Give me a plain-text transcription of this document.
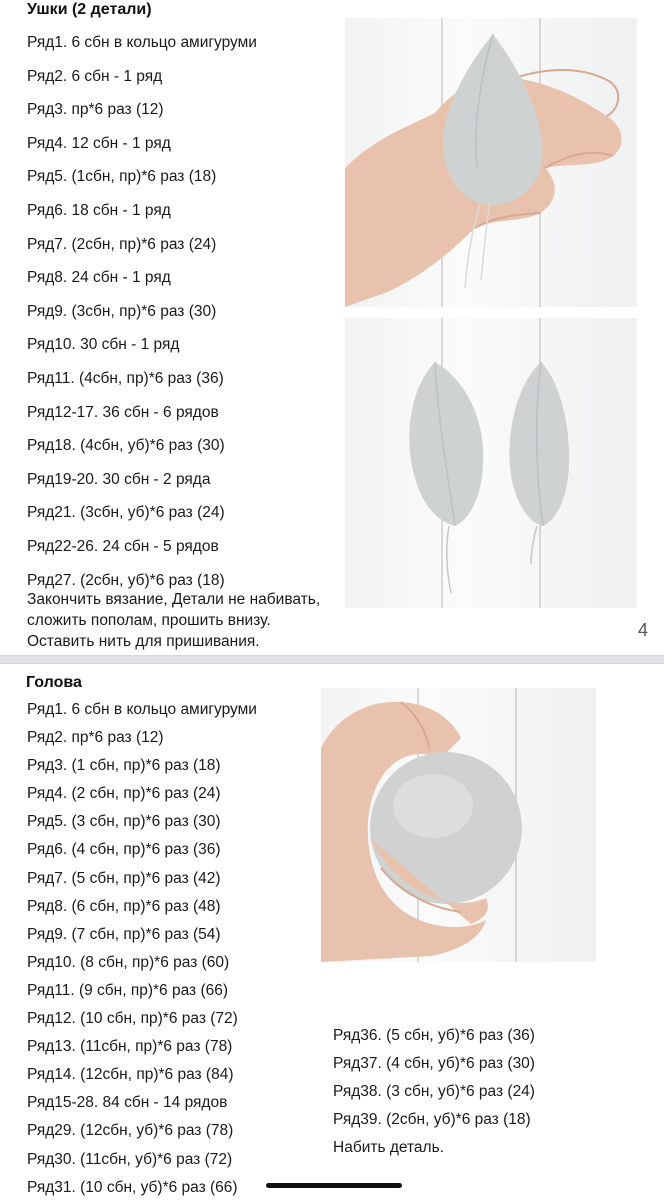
Ушки (2 детали)
Ряд1. 6 сбн в кольцо амигуруми
Ряд2. 6 сбн - 1 ряд
Ряд3. пр*6 раз (12)
Ряд4. 12 сбн - 1 ряд
Ряд5. (1сбн, пр)*6 раз (18)
Ряд6. 18 сбн - 1 ряд
Ряд7. (2сбн, пр)*6 раз (24)
Ряд8. 24 сбн - 1 ряд
Ряд9. (3сбн, пр)*6 раз (30)
Ряд10. 30 сбн - 1 ряд
Ряд11. (4сбн, пр)*6 раз (36)
Ряд12-17. 36 сбн - 6 рядов
Ряд18. (4сбн, уб)*6 раз (30)
Ряд19-20. 30 сбн - 2 ряда
Ряд21. (3сбн, уб)*6 раз (24)
Ряд22-26. 24 сбн - 5 рядов
Ряд27. (2сбн, уб)*6 раз (18)
Закончить вязание, Детали не набивать, сложить пополам, прошить внизу. Оставить нить для пришивания.
4
Голова
Ряд1. 6 сбн в кольцо амигуруми
Ряд2. пр*6 раз (12)
Ряд3. (1 сбн, пр)*6 раз (18)
Ряд4. (2 сбн, пр)*6 раз (24)
Ряд5. (3 сбн, пр)*6 раз (30)
Ряд6. (4 сбн, пр)*6 раз (36)
Ряд7. (5 сбн, пр)*6 раз (42)
Ряд8. (6 сбн, пр)*6 раз (48)
Ряд9. (7 сбн, пр)*6 раз (54)
Ряд10. (8 сбн, пр)*6 раз (60)
Ряд11. (9 сбн, пр)*6 раз (66)
Ряд12. (10 сбн, пр)*6 раз (72)
Ряд13. (11сбн, пр)*6 раз (78)
Ряд14. (12сбн, пр)*6 раз (84)
Ряд15-28. 84 сбн - 14 рядов
Ряд29. (12сбн, уб)*6 раз (78)
Ряд30. (11сбн, уб)*6 раз (72)
Ряд31. (10 сбн, уб)*6 раз (66)
Ряд36. (5 сбн, уб)*6 раз (36)
Ряд37. (4 сбн, уб)*6 раз (30)
Ряд38. (3 сбн, уб)*6 раз (24)
Ряд39. (2сбн, уб)*6 раз (18)
Набить деталь.
